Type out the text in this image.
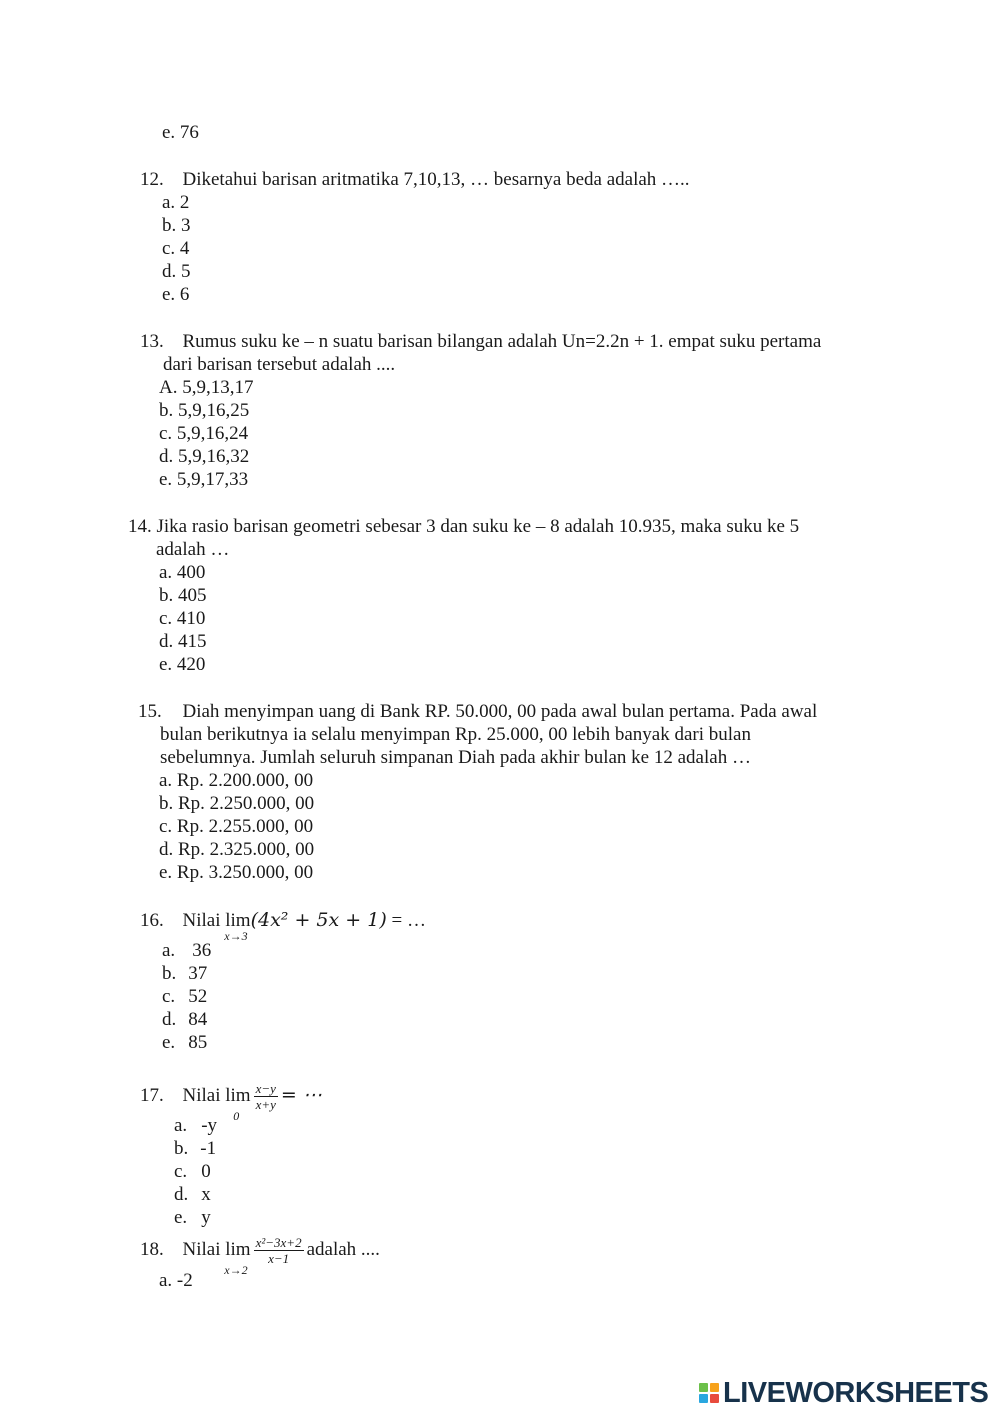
e. 76
12. Diketahui barisan aritmatika 7,10,13, … besarnya beda adalah …..
a. 2
b. 3
c. 4
d. 5
e. 6
13. Rumus suku ke – n suatu barisan bilangan adalah Un=2.2n + 1. empat suku pertama
dari barisan tersebut adalah ....
A. 5,9,13,17
b. 5,9,16,25
c. 5,9,16,24
d. 5,9,16,32
e. 5,9,17,33
14. Jika rasio barisan geometri sebesar 3 dan suku ke – 8 adalah 10.935, maka suku ke 5
adalah …
a. 400
b. 405
c. 410
d. 415
e. 420
15. Diah menyimpan uang di Bank RP. 50.000, 00 pada awal bulan pertama. Pada awal
bulan berikutnya ia selalu menyimpan Rp. 25.000, 00 lebih banyak dari bulan
sebelumnya. Jumlah seluruh simpanan Diah pada akhir bulan ke 12 adalah …
a. Rp. 2.200.000, 00
b. Rp. 2.250.000, 00
c. Rp. 2.255.000, 00
d. Rp. 2.325.000, 00
e. Rp. 3.250.000, 00
16. Nilai lim
x→3
(4x² + 5x + 1) = …
a. 36
b. 37
c. 52
d. 84
e. 85
17. Nilai lim
0
$\frac{x-y}{x+y}$ = ⋯
a. -y
b. -1
c. 0
d. x
e. y
18. Nilai lim
x→2
$\frac{\text{x²−3x+2}}{x-1}$ adalah ....
a. -2
LIVEWORKSHEETS
